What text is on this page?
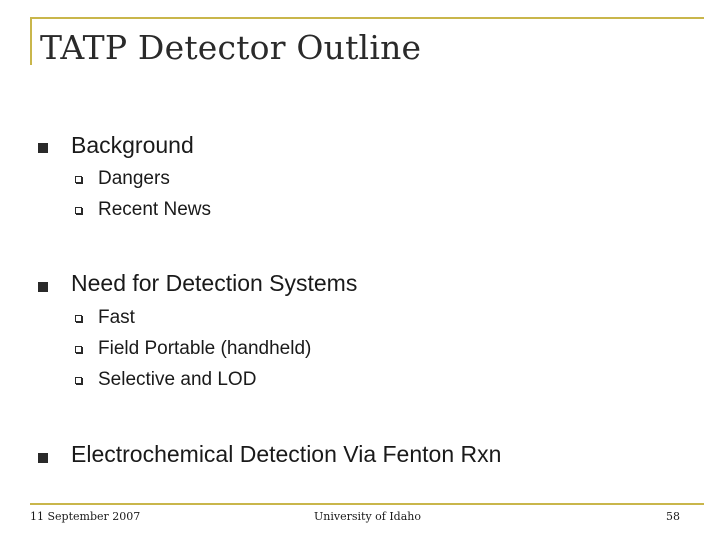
TATP Detector Outline
Background
Dangers
Recent News
Need for Detection Systems
Fast
Field Portable (handheld)
Selective and LOD
Electrochemical Detection Via Fenton Rxn
11 September 2007	University of Idaho	58
